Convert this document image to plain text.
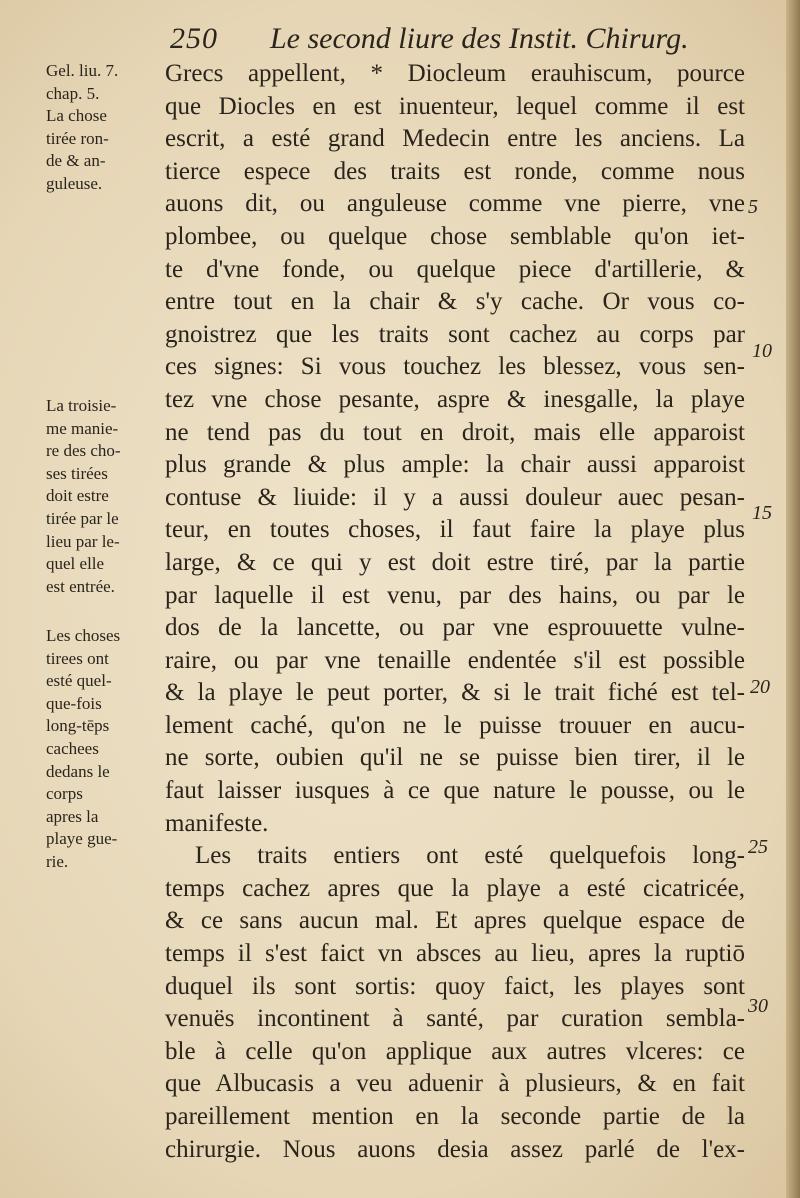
250 Le second liure des Instit. Chirurg.
Gel. liu. 7.
chap. 5.
La chose
tirée ron-
de & an-
guleuse.
La troisie-
me manie-
re des cho-
ses tirées
doit estre
tirée par le
lieu par le-
quel elle
est entrée.
Les choses
tirees ont
esté quel-
que-fois
long-tēps
cachees
dedans le
corps
apres la
playe gue-
rie.
Grecs appellent, * Diocleum erauhiscum, pource
que Diocles en est inuenteur, lequel comme il est
escrit, a esté grand Medecin entre les anciens. La
tierce espece des traits est ronde, comme nous
auons dit, ou anguleuse comme vne pierre, vne
plombee, ou quelque chose semblable qu'on iet-
te d'vne fonde, ou quelque piece d'artillerie, &
entre tout en la chair & s'y cache. Or vous co-
gnoistrez que les traits sont cachez au corps par
ces signes: Si vous touchez les blessez, vous sen-
tez vne chose pesante, aspre & inesgalle, la playe
ne tend pas du tout en droit, mais elle apparoist
plus grande & plus ample: la chair aussi apparoist
contuse & liuide: il y a aussi douleur auec pesan-
teur, en toutes choses, il faut faire la playe plus
large, & ce qui y est doit estre tiré, par la partie
par laquelle il est venu, par des hains, ou par le
dos de la lancette, ou par vne esprouuette vulne-
raire, ou par vne tenaille endentée s'il est possible
& la playe le peut porter, & si le trait fiché est tel-
lement caché, qu'on ne le puisse trouuer en aucu-
ne sorte, oubien qu'il ne se puisse bien tirer, il le
faut laisser iusques à ce que nature le pousse, ou le
manifeste.
Les traits entiers ont esté quelquefois long-
temps cachez apres que la playe a esté cicatricée,
& ce sans aucun mal. Et apres quelque espace de
temps il s'est faict vn absces au lieu, apres la ruptiō
duquel ils sont sortis: quoy faict, les playes sont
venuës incontinent à santé, par curation sembla-
ble à celle qu'on applique aux autres vlceres: ce
que Albucasis a veu aduenir à plusieurs, & en fait
pareillement mention en la seconde partie de la
chirurgie. Nous auons desia assez parlé de l'ex-
5
10
15
20
25
30
